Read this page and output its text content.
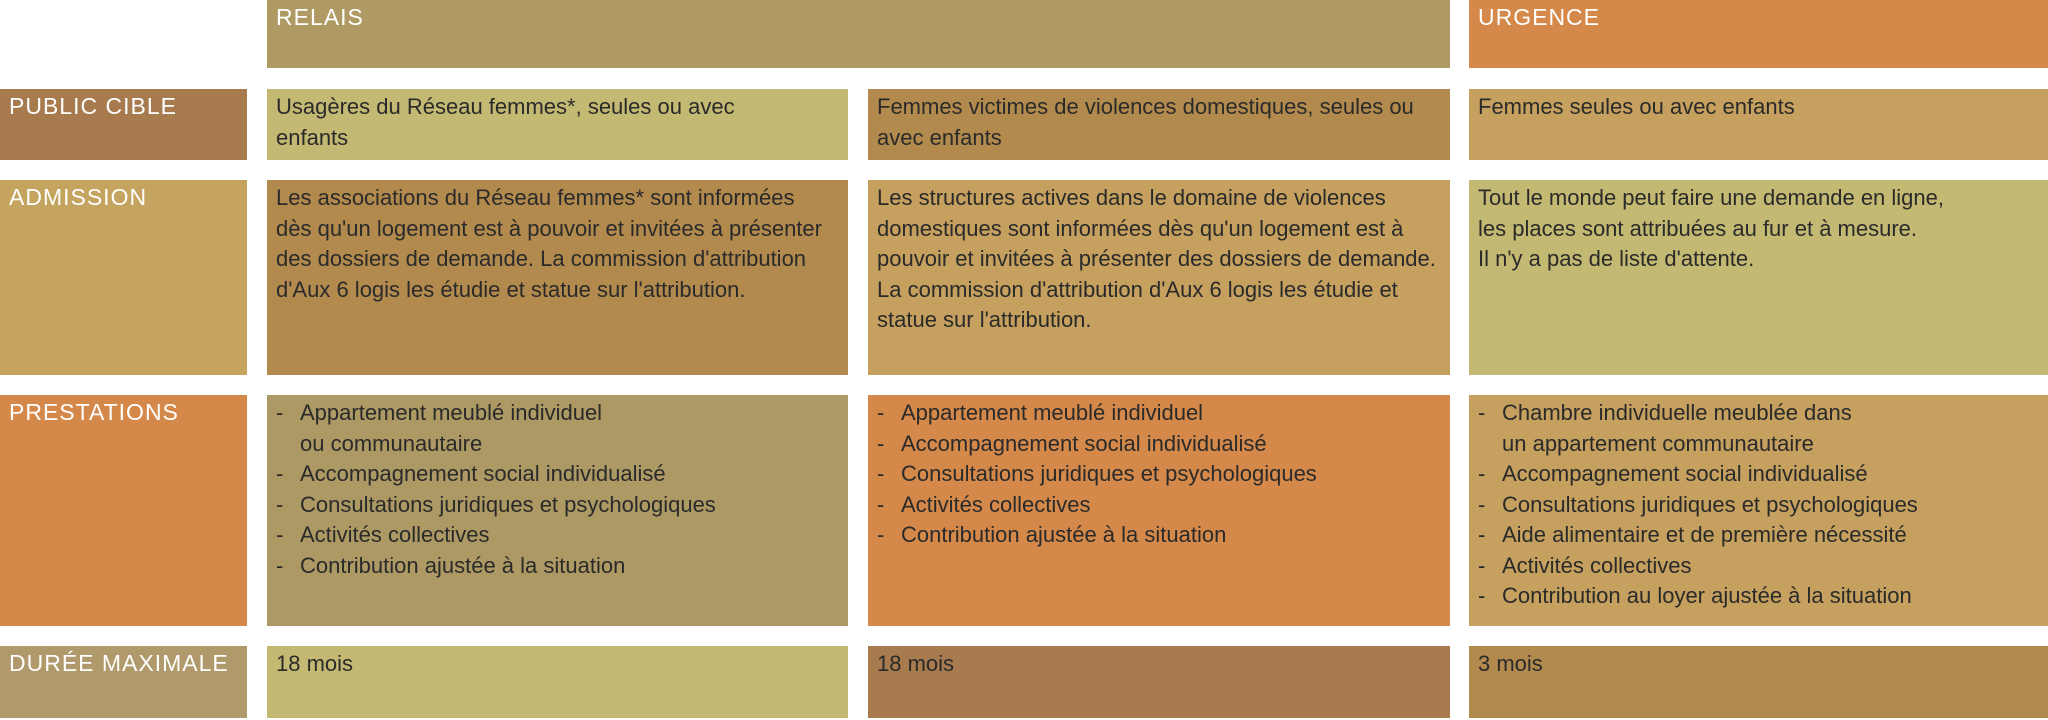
RELAIS	URGENCE
PUBLIC CIBLE	Usagères du Réseau femmes*, seules ou avec enfants

Femmes victimes de violences domestiques, seules ou avec enfants

Femmes seules ou avec enfants

ADMISSION	Les associations du Réseau femmes* sont informées dès qu'un logement est à pouvoir et invitées à présenter des dossiers de demande. La commission d'attribution d'Aux 6 logis les étudie et statue sur l'attribution.

Les structures actives dans le domaine de violences domestiques sont informées dès qu'un logement est à pouvoir et invitées à présenter des dossiers de demande. La commission d'attribution d'Aux 6 logis les étudie et statue sur l'attribution.

Tout le monde peut faire une demande en ligne,
les places sont attribuées au fur et à mesure.
Il n'y a pas de liste d'attente.
PRESTATIONS
-	Appartement meublé individuel
ou communautaire
- Accompagnement social individualisé
- Consultations juridiques et psychologiques
- Activités collectives
- Contribution ajustée à la situation
- Appartement meublé individuel
- Accompagnement social individualisé
- Consultations juridiques et psychologiques
- Activités collectives
- Contribution ajustée à la situation
- Chambre individuelle meublée dans
un appartement communautaire
- Accompagnement social individualisé
- Consultations juridiques et psychologiques
- Aide alimentaire et de première nécessité
- Activités collectives
- Contribution au loyer ajustée à la situation
DURÉE MAXIMALE	18 mois	18 mois	3 mois
